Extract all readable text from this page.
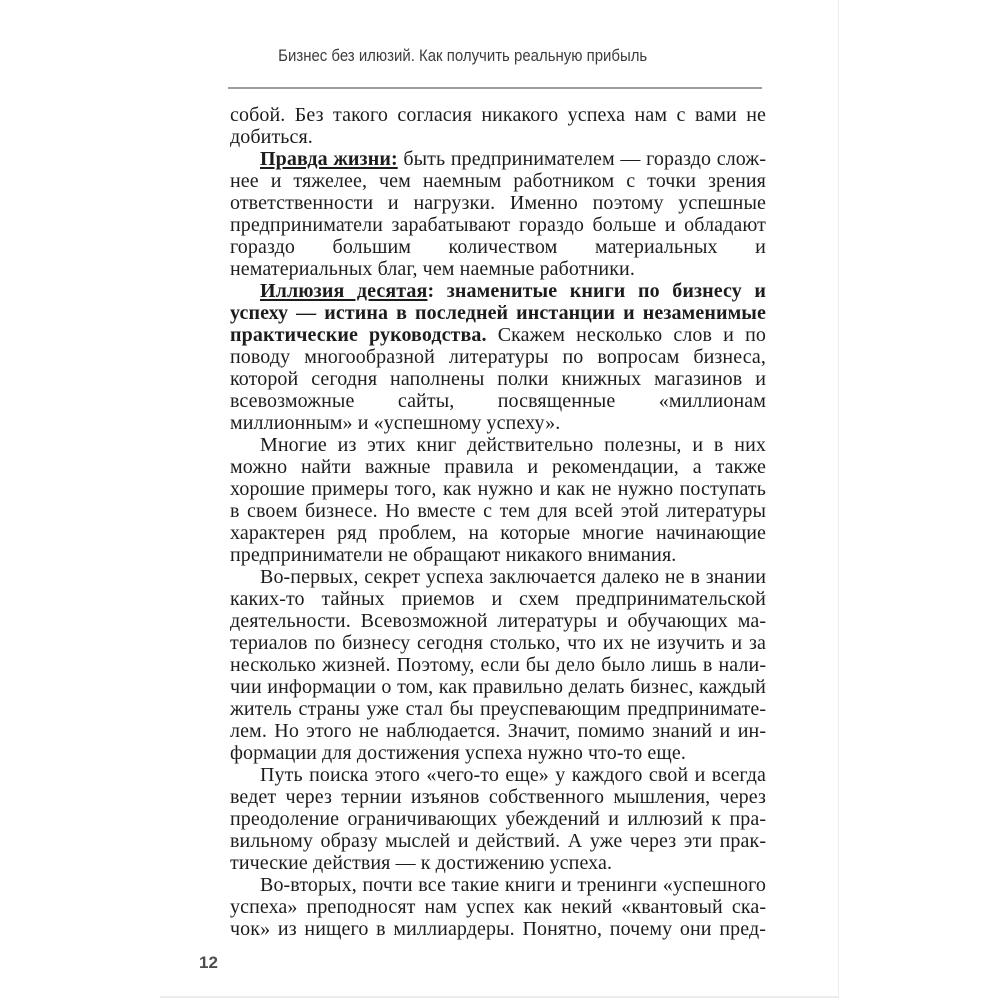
Бизнес без илюзий. Как получить реальную прибыль

собой. Без такого согласия никакого успеха нам с вами не добиться.

Правда жизни: быть предпринимателем — гораздо сложнее и тяжелее, чем наемным работником с точки зрения ответственности и нагрузки. Именно поэтому успешные предприниматели зарабатывают гораздо больше и обладают гораздо большим количеством материальных и нематериальных благ, чем наемные работники.

Иллюзия десятая: знаменитые книги по бизнесу и успеху — истина в последней инстанции и незаменимые практические руководства. Скажем несколько слов и по поводу многообразной литературы по вопросам бизнеса, которой сегодня наполнены полки книжных магазинов и всевозможные сайты, посвященные «миллионам миллионным» и «успешному успеху».

Многие из этих книг действительно полезны, и в них можно найти важные правила и рекомендации, а также хорошие примеры того, как нужно и как не нужно поступать в своем бизнесе. Но вместе с тем для всей этой литературы характерен ряд проблем, на которые многие начинающие предприниматели не обращают никакого внимания.

Во-первых, секрет успеха заключается далеко не в знании каких-то тайных приемов и схем предпринимательской деятельности. Всевозможной литературы и обучающих материалов по бизнесу сегодня столько, что их не изучить и за несколько жизней. Поэтому, если бы дело было лишь в наличии информации о том, как правильно делать бизнес, каждый житель страны уже стал бы преуспевающим предпринимателем. Но этого не наблюдается. Значит, помимо знаний и информации для достижения успеха нужно что-то еще.

Путь поиска этого «чего-то еще» у каждого свой и всегда ведет через тернии изъянов собственного мышления, через преодоление ограничивающих убеждений и иллюзий к правильному образу мыслей и действий. А уже через эти практические действия — к достижению успеха.

Во-вторых, почти все такие книги и тренинги «успешного успеха» преподносят нам успех как некий «квантовый скачок» из нищего в миллиардеры. Понятно, почему они пред-

12
